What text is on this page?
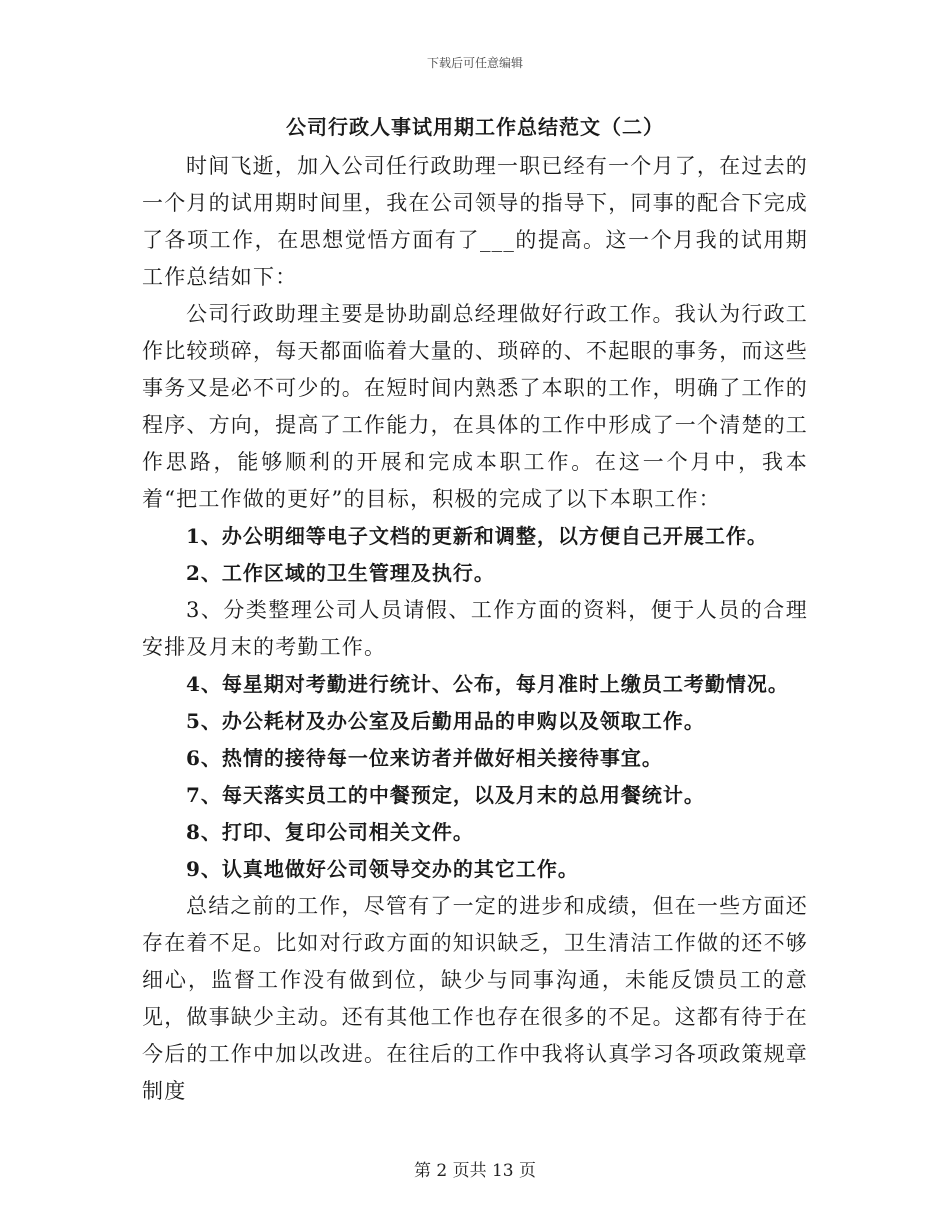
下载后可任意编辑
公司行政人事试用期工作总结范文（二）

时间飞逝，加入公司任行政助理一职已经有一个月了，在过去的一个月的试用期时间里，我在公司领导的指导下，同事的配合下完成了各项工作，在思想觉悟方面有了___的提高。这一个月我的试用期工作总结如下：

公司行政助理主要是协助副总经理做好行政工作。我认为行政工作比较琐碎，每天都面临着大量的、琐碎的、不起眼的事务，而这些事务又是必不可少的。在短时间内熟悉了本职的工作，明确了工作的程序、方向，提高了工作能力，在具体的工作中形成了一个清楚的工作思路，能够顺利的开展和完成本职工作。在这一个月中，我本着“把工作做的更好”的目标，积极的完成了以下本职工作：

1、办公明细等电子文档的更新和调整，以方便自己开展工作。

2、工作区域的卫生管理及执行。

3、分类整理公司人员请假、工作方面的资料，便于人员的合理安排及月末的考勤工作。

4、每星期对考勤进行统计、公布，每月准时上缴员工考勤情况。

5、办公耗材及办公室及后勤用品的申购以及领取工作。

6、热情的接待每一位来访者并做好相关接待事宜。

7、每天落实员工的中餐预定，以及月末的总用餐统计。

8、打印、复印公司相关文件。

9、认真地做好公司领导交办的其它工作。

总结之前的工作，尽管有了一定的进步和成绩，但在一些方面还存在着不足。比如对行政方面的知识缺乏，卫生清洁工作做的还不够细心，监督工作没有做到位，缺少与同事沟通，未能反馈员工的意见，做事缺少主动。还有其他工作也存在很多的不足。这都有待于在今后的工作中加以改进。在往后的工作中我将认真学习各项政策规章制度

第 2 页共 13 页
